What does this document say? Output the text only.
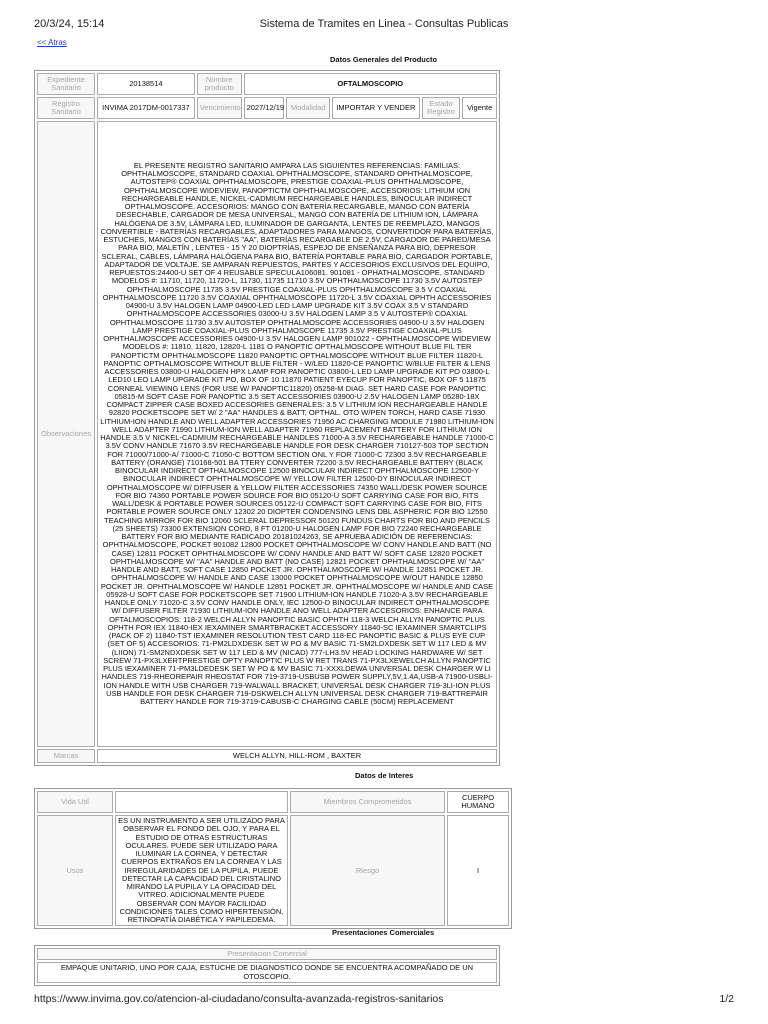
20/3/24, 15:14	Sistema de Tramites en Linea - Consultas Publicas
<< Atras
Datos Generales del Producto
Expediente Sanitario	20138514	Nombre producto	OFTALMOSCOPIO				
Registro Sanitario	INVIMA 2017DM-0017337	Vencimiento	2027/12/19	Modalidad	IMPORTAR Y VENDER	Estado Registro	Vigente
Observaciones	EL PRESENTE REGISTRO SANITARIO AMPARA LAS SIGUIENTES REFERENCIAS: FAMILIAS: OPHTHALMOSCOPE, STANDARD COAXIAL OPHTHALMOSCOPE, STANDARD OPHTHALMOSCOPE, AUTOSTEP® COAXIAL OPHTHALMOSCOPE, PRESTIGE COAXIAL-PLUS OPHTHALMOSCOPE, OPHTHALMOSCOPE WIDEVIEW, PANOPTICTM OPHTHALMOSCOPE, ACCESORIOS: LITHIUM ION RECHARGEABLE HANDLE, NICKEL-CADMIUM RECHARGEABLE HANDLES, BINOCULAR INDIRECT OPTHALMOSCOPE. ACCESORIOS: MANGO CON BATERÍA RECARGABLE, MANGO CON BATERÍA DESECHABLE, CARGADOR DE MESA UNIVERSAL, MANGO CON BATERÍA DE LITHIUM ION, LÁMPARA HALÓGENA DE 3.5V, LÁMPARA LED, ILUMINADOR DE GARGANTA, LENTES DE REEMPLAZO, MANGOS CONVERTIBLE - BATERÍAS RECARGABLES, ADAPTADORES PARA MANGOS, CONVERTIDOR PARA BATERÍAS, ESTUCHES, MANGOS CON BATERÍAS "AA", BATERÍAS RECARGABLE DE 2.5V, CARGADOR DE PARED/MESA PARA BIO, MALETÍN , LENTES - 15 Y 20 DIOPTRÍAS, ESPEJO DE ENSEÑANZA PARA BIO, DEPRESOR SCLERAL, CABLES, LÁMPARA HALÓGENA PARA BIO, BATERÍA PORTABLE PARA BIO, CARGADOR PORTABLE, ADAPTADOR DE VOLTAJE. SE AMPARAN REPUESTOS, PARTES Y ACCESORIOS EXCLUSIVOS DEL EQUIPO, REPUESTOS:24400-U SET OF 4 REUSABLE SPECULA106081. 901081 - OPHATHALMOSCOPE, STANDARD MODELOS #: 11710, 11720, 11720-L, 11730, 11735 11710 3.5V OPHTHALMOSCOPE 11730 3.5V AUTOSTEP OPHTHALMOSCOPE 11735 3.5V PRESTIGE COAXIAL-PLUS OPHTHALMOSCOPE 3.5 V COAXIAL OPHTHALMOSCOPE 11720 3.5V COAXIAL OPHTHALMOSCOPE 11720-L 3.5V COAXIAL OPHTH ACCESSORIES 04900-U 3.5V HALOGEN LAMP 04900-LED LED LAMP UPGRADE KIT 3.5V COAX 3.5 V STANDARD OPHTHALMOSCOPE ACCESSORIES 03000-U 3.5V HALOGEN LAMP 3.5 V AUTOSTEP® COAXIAL OPHTHALMOSCOPE 11730 3.5V AUTOSTEP OPHTHALMOSCOPE ACCESSORIES 04900-U 3.5V HALOGEN LAMP PRESTIGE COAXIAL-PLUS OPHTHALMOSCOPE 11735 3.5V PRESTIGE COAXIAL-PLUS OPHTHALMOSCOPE ACCESSORIES 04900-U 3.5V HALOGEN LAMP 901022 - OPHTHALMOSCOPE WIDEVIEW MODELOS #: 11810, 11820, 12820-L 1181 O PANOPTIC OPTHALMOSCOPE WITHOUT BLUE FIL TER PANOPTICTM OPHTHALMOSCOPE 11820 PANOPTIC OPTHALMOSCOPE WITHOUT BLUE FILTER 11820-L PANOPTIC OPTHALMOSCOPE WITHOUT BLUE FILTER - W/LED 11820-CE PANOPTIC W/BLUE FILTER & LENS ACCESSORIES 03800-U HALOGEN HPX LAMP FOR PANOPTIC 03800-L LED LAMP UPGRADE KIT PO 03800-L LED10 LEO LAMP UPGRADE KIT PO, BOX OF 10 11870 PATIENT EYECUP FOR PANOPTIC, BOX OF 5 11875 CORNEAL VIEWING LENS (FOR USE W/ PANOPTIC11820) 05258-M DIAG. SET HARD CASE FOR PANOPTIC 05815-M SOFT CASE FOR PANOPTIC 3.5 SET ACCESSORIES 03900-U 2.5V HALOGEN LAMP 05280-18X COMPACT ZIPPER CASE BOXED ACCESORIES GENERALES: 3.5 V LITHIUM ION RECHARGEABLE HANDLE 92820 POCKETSCOPE SET W/ 2 "AA" HANDLES & BATT, OPTHAL. OTO W/PEN TORCH, HARD CASE 71930 LITHIUM-ION HANDLE AND WELL ADAPTER ACCESSORIES 71950 AC CHARGING MODULE 71980 LITHIUM-ION WELL ADAPTER 71990 LITHIUM-ION WELL ADAPTER 71960 REPLACEMENT BATTERY FOR LITHIUM ION HANDLE 3.5 V NICKEL-CADMIUM RECHARGEABLE HANDLES 71000-A 3.5V RECHARGEABLE HANDLE 71000-C 3.5V CONV HANDLE 71670 3.5V RECHARGEABLE HANDLE FOR DESK CHARGER 710127-503 TOP SECTION FOR 71000/71000-A/ 71000-C 71050-C BOTTOM SECTION ONL Y FOR 71000-C 72300 3.5V RECHARGEABLE BATTERY (ORANGE) 710168-501 BA TTERY CONVERTER 72200 3.5V RECHARGEABLE BATTERY (BLACK BINOCULAR INDIRECT OPTHALMOSCOPE 12500 BINOCULAR INDIRECT OPHTHALMOSCOPE 12500-Y BINOCULAR INDIRECT OPHTHALMOSCOPE W/ YELLOW FILTER 12500-DY BINOCULAR INDIRECT OPHTHALMOSCOPE W/ DIFFUSER & YELLOW FILTER ACCESSORIES 74350 WALL/DESK POWER SOURCE FOR BIO 74360 PORTABLE POWER SOURCE FOR BIO 05120-U SOFT CARRYING CASE FOR BIO, FITS WALL/DESK & PORTABLE POWER SOURCES 05122-U COMPACT SOFT CARRYING CASE FOR BIO, FITS PORTABLE POWER SOURCE ONLY 12302 20 DIOPTER CONDENSING LENS DBL ASPHERIC FOR BIO 12550 TEACHING MIRROR FOR BIO 12060 SCLERAL DEPRESSOR 50120 FUNDUS CHARTS FOR BIO AND PENCILS (25 SHEETS) 73300 EXTENSION CORD, 8 FT 01200-U HALOGEN LAMP FOR BIO 72240 RECHARGEABLE BATTERY FOR BIO MEDIANTE RADICADO 20181024263, SE APRUEBA ADICIÓN DE REFERENCIAS: OPHTHALMOSCOPE, POCKET 901082 12800 POCKET OPHTHALMOSCOPE W/ CONV HANDLE AND BATT (NO CASE) 12811 POCKET OPHTHALMOSCOPE W/ CONV HANDLE AND BATT W/ SOFT CASE 12820 POCKET OPHTHALMOSCOPE W/ "AA" HANDLE AND BATT (NO CASE) 12821 POCKET OPHTHALMOSCOPE W/ "AA" HANDLE AND BATT, SOFT CASE 12850 POCKET JR. OPHTHALMOSCOPE W/ HANDLE 12851 POCKET JR. OPHTHALMOSCOPE W/ HANDLE AND CASE 13000 POCKET OPHTHALMOSCOPE W/OUT HANDLE 12850 POCKET JR. OPHTHALMOSCOPE W/ HANDLE 12851 POCKET JR. OPHTHALMOSCOPE W/ HANDLE AND CASE 05928-U SOFT CASE FOR POCKETSCOPE SET 71900 LITHIUM-ION HANDLE 71020-A 3.5V RECHARGEABLE HANDLE ONLY 71020-C 3.5V CONV HANDLE ONLY, IEC 12500-D BINOCULAR INDIRECT OPHTHALMOSCOPE W/ DIFFUSER FILTER 71930 LITHIUM-ION HANDLE ANO WELL ADAPTER ACCESORIOS: ENHANCE PARA OFTALMOSCOPIOS: 118-2 WELCH ALLYN PANOPTIC BASIC OPHTH 118-3 WELCH ALLYN PANOPTIC PLUS OPHTH FOR IEX 11840-IEX IEXAMINER SMARTBRACKET ACCESSORY 11840-SC IEXAMINER SMARTCLIPS (PACK OF 2) 11840-TST IEXAMINER RESOLUTION TEST CARD 118-EC PANOPTIC BASIC & PLUS EYE CUP (SET OF 5) ACCESORIOS: 71-PM2LDXDESK SET W PO & MV BASIC 71-SM2LDXDESK SET W 117 LED & MV (LIION) 71-SM2NDXDESK SET W 117 LED & MV (NICAD) 777-LH3.5V HEAD LOCKING HARDWARE W/ SET SCREW 71-PX3LXERTPRESTIGE OPTY PANOPTIC PLUS W RET TRANS 71-PX3LXEWELCH ALLYN PANOPTIC PLUS IEXAMINER 71-PM3LDEDESK SET W PO & MV BASIC 71-XXXLDEWA UNIVERSAL DESK CHARGER W LI HANDLES 719-RHEOREPAIR RHEOSTAT FOR 719-3719-USBUSB POWER SUPPLY,5V,1.4A,USB-A 71900-USBLI-ION HANDLE WITH USB CHARGER 719-WALWALL BRACKET, UNIVERSAL DESK CHARGER 719-3LI-ION PLUS USB HANDLE FOR DESK CHARGER 719-DSKWELCH ALLYN UNIVERSAL DESK CHARGER 719-BATTREPAIR BATTERY HANDLE FOR 719-3719-CABUSB-C CHARGING CABLE (50CM) REPLACEMENT						
Marcas	WELCH ALLYN, HILL-ROM , BAXTER						
Datos de Interes
Vida Util		Miembros Comprometidos	CUERPO HUMANO
Usos	ES UN INSTRUMENTO A SER UTILIZADO PARA OBSERVAR EL FONDO DEL OJO, Y PARA EL ESTUDIO DE OTRAS ESTRUCTURAS OCULARES. PUEDE SER UTILIZADO PARA ILUMINAR LA CORNEA, Y DETECTAR CUERPOS EXTRAÑOS EN LA CORNEA Y LAS IRREGULARIDADES DE LA PUPILA. PUEDE DETECTAR LA CAPACIDAD DEL CRISTALINO MIRANDO LA PUPILA Y LA OPACIDAD DEL VITREO. ADICIONALMENTE PUEDE OBSERVAR CON MAYOR FACILIDAD CONDICIONES TALES COMO HIPERTENSIÓN, RETINOPATÍA DIABÉTICA Y PAPILEDEMA.	Riesgo	I
Presentaciones Comerciales
Presentacion Comercial
EMPAQUE UNITARIO, UNO POR CAJA, ESTUCHE DE DIAGNOSTICO DONDE SE ENCUENTRA ACOMPAÑADO DE UN OTOSCOPIO.
https://www.invima.gov.co/atencion-al-ciudadano/consulta-avanzada-registros-sanitarios	1/2
